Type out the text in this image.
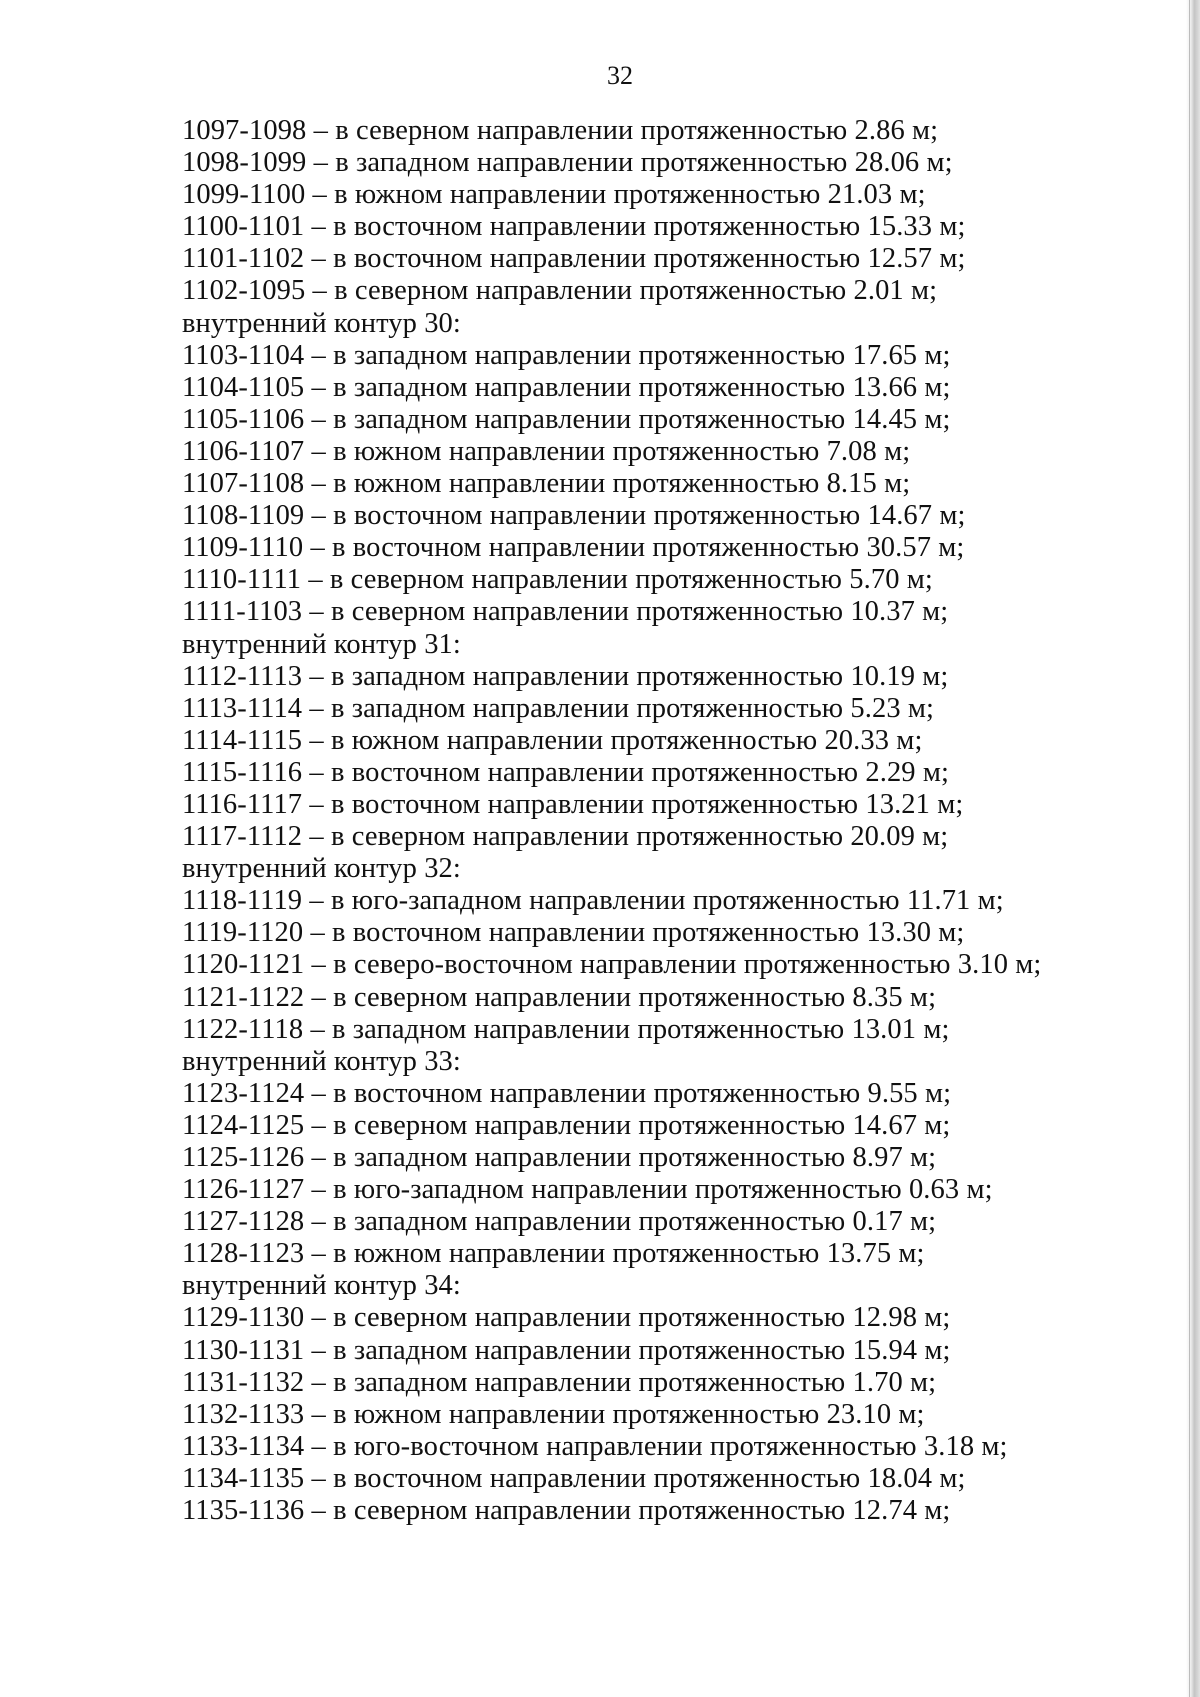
32
1097-1098 – в северном направлении протяженностью 2.86 м;
1098-1099 – в западном направлении протяженностью 28.06 м;
1099-1100 – в южном направлении протяженностью 21.03 м;
1100-1101 – в восточном направлении протяженностью 15.33 м;
1101-1102 – в восточном направлении протяженностью 12.57 м;
1102-1095 – в северном направлении протяженностью 2.01 м;
внутренний контур 30:
1103-1104 – в западном направлении протяженностью 17.65 м;
1104-1105 – в западном направлении протяженностью 13.66 м;
1105-1106 – в западном направлении протяженностью 14.45 м;
1106-1107 – в южном направлении протяженностью 7.08 м;
1107-1108 – в южном направлении протяженностью 8.15 м;
1108-1109 – в восточном направлении протяженностью 14.67 м;
1109-1110 – в восточном направлении протяженностью 30.57 м;
1110-1111 – в северном направлении протяженностью 5.70 м;
1111-1103 – в северном направлении протяженностью 10.37 м;
внутренний контур 31:
1112-1113 – в западном направлении протяженностью 10.19 м;
1113-1114 – в западном направлении протяженностью 5.23 м;
1114-1115 – в южном направлении протяженностью 20.33 м;
1115-1116 – в восточном направлении протяженностью 2.29 м;
1116-1117 – в восточном направлении протяженностью 13.21 м;
1117-1112 – в северном направлении протяженностью 20.09 м;
внутренний контур 32:
1118-1119 – в юго-западном направлении протяженностью 11.71 м;
1119-1120 – в восточном направлении протяженностью 13.30 м;
1120-1121 – в северо-восточном направлении протяженностью 3.10 м;
1121-1122 – в северном направлении протяженностью 8.35 м;
1122-1118 – в западном направлении протяженностью 13.01 м;
внутренний контур 33:
1123-1124 – в восточном направлении протяженностью 9.55 м;
1124-1125 – в северном направлении протяженностью 14.67 м;
1125-1126 – в западном направлении протяженностью 8.97 м;
1126-1127 – в юго-западном направлении протяженностью 0.63 м;
1127-1128 – в западном направлении протяженностью 0.17 м;
1128-1123 – в южном направлении протяженностью 13.75 м;
внутренний контур 34:
1129-1130 – в северном направлении протяженностью 12.98 м;
1130-1131 – в западном направлении протяженностью 15.94 м;
1131-1132 – в западном направлении протяженностью 1.70 м;
1132-1133 – в южном направлении протяженностью 23.10 м;
1133-1134 – в юго-восточном направлении протяженностью 3.18 м;
1134-1135 – в восточном направлении протяженностью 18.04 м;
1135-1136 – в северном направлении протяженностью 12.74 м;
